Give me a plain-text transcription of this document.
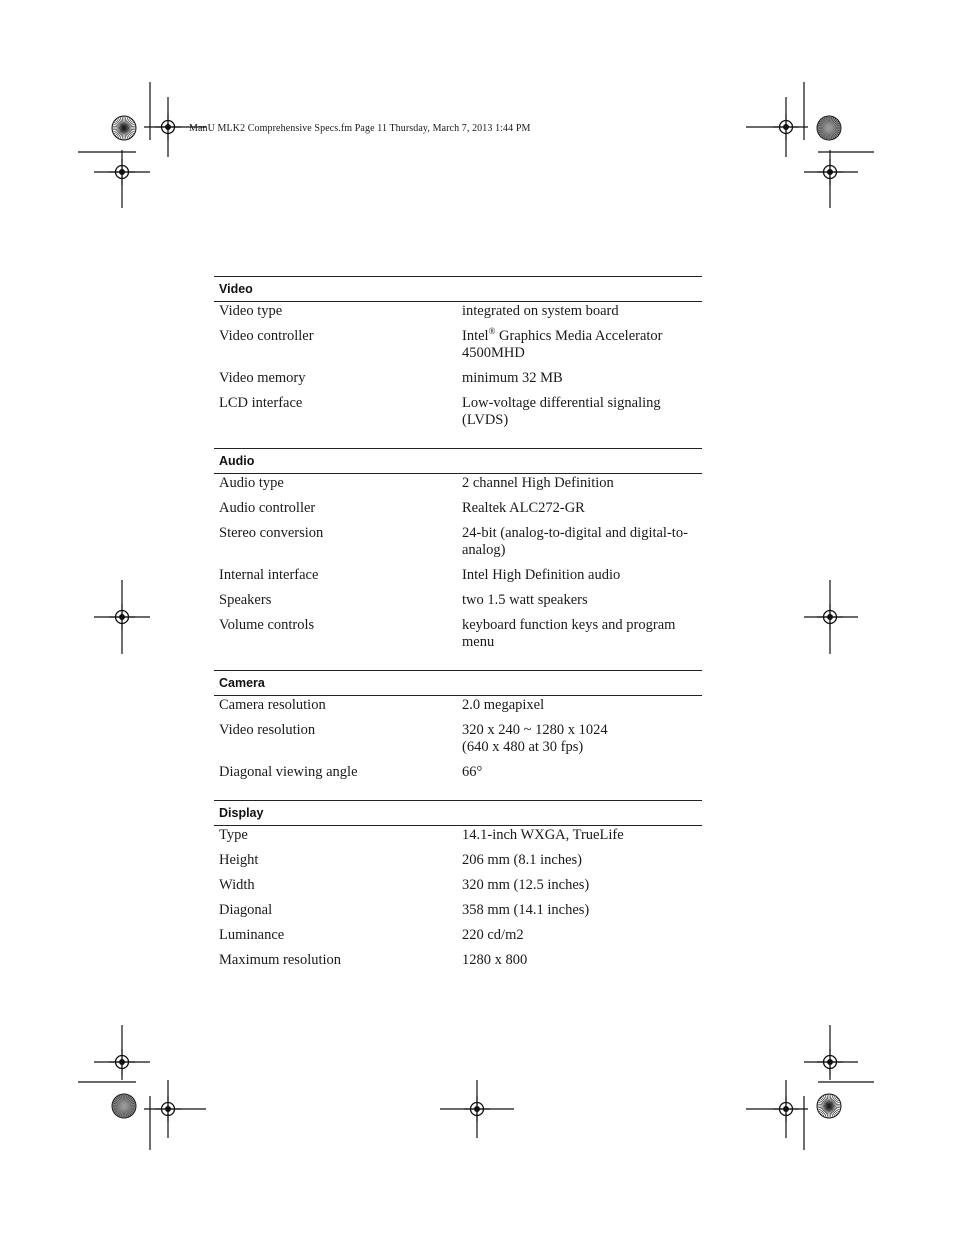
ManU MLK2 Comprehensive Specs.fm Page 11 Thursday, March 7, 2013 1:44 PM
Video
Video type	integrated on system board
Video controller	Intel® Graphics Media Accelerator
4500MHD
Video memory	minimum 32 MB
LCD interface	Low-voltage differential signaling
(LVDS)
Audio
Audio type	2 channel High Definition
Audio controller	Realtek ALC272-GR
Stereo conversion	24-bit (analog-to-digital and digital-to-
analog)
Internal interface	Intel High Definition audio
Speakers	two 1.5 watt speakers
Volume controls	keyboard function keys and program
menu
Camera
Camera resolution	2.0 megapixel
Video resolution	320 x 240 ~ 1280 x 1024
(640 x 480 at 30 fps)
Diagonal viewing angle	66°
Display
Type	14.1-inch WXGA, TrueLife
Height	206 mm (8.1 inches)
Width	320 mm (12.5 inches)
Diagonal	358 mm (14.1 inches)
Luminance	220 cd/m2
Maximum resolution	1280 x 800
